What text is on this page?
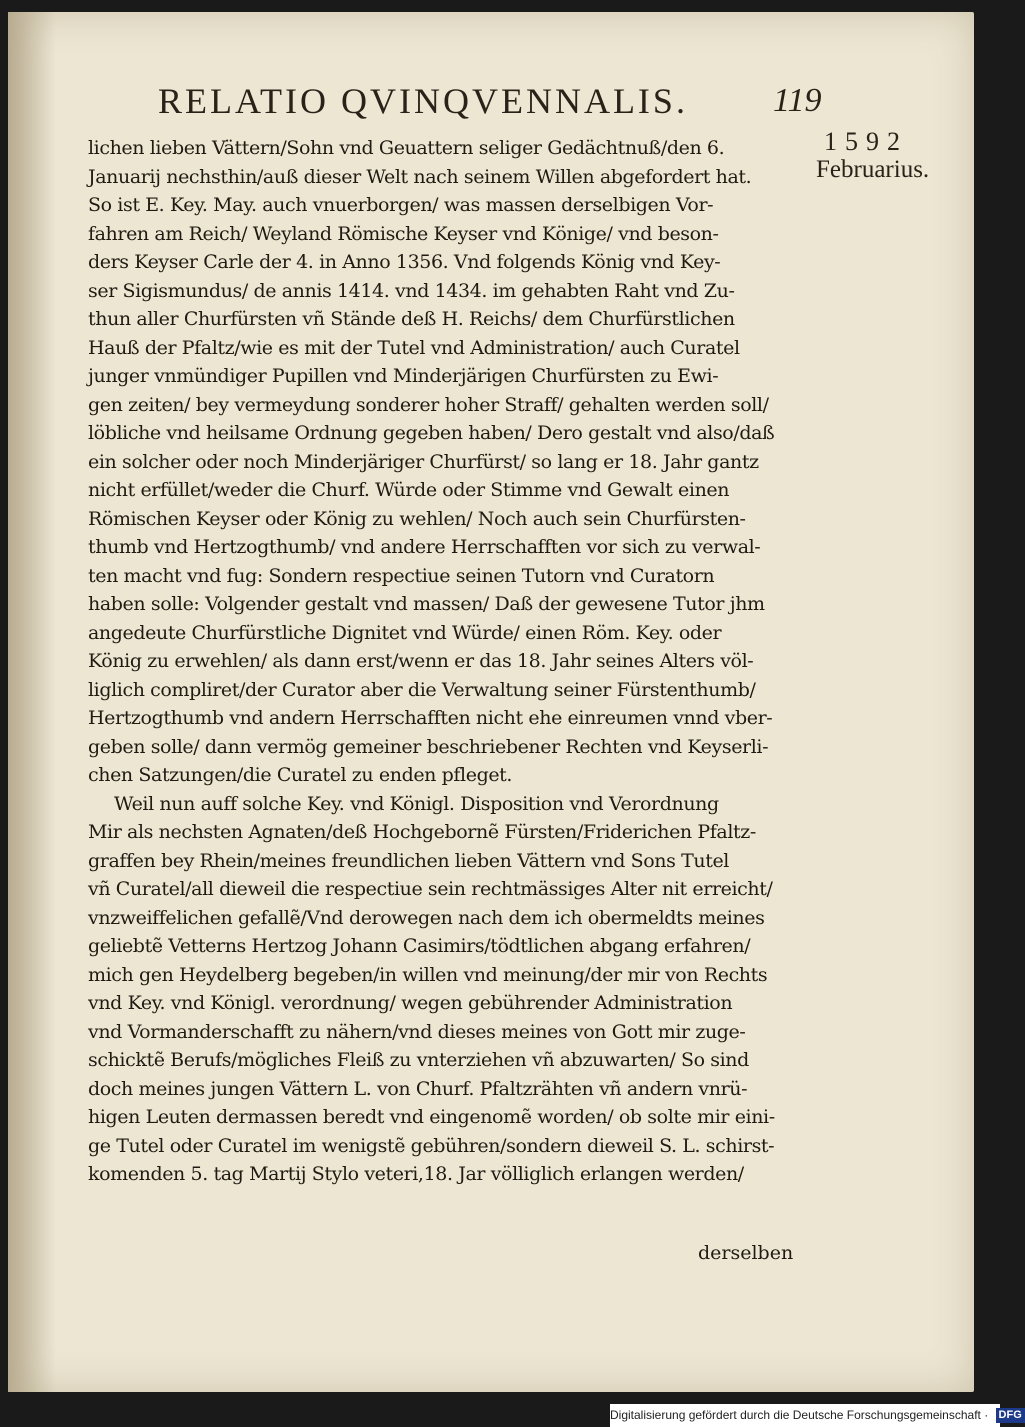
RELATIO QVINQVENNALIS.	119
1592
Februarius.
lichen lieben Vättern/Sohn vnd Geuattern seliger Gedächtnuß/den 6.
Januarij nechsthin/auß dieser Welt nach seinem Willen abgefordert hat.
So ist E. Key. May. auch vnuerborgen/ was massen derselbigen Vor-
fahren am Reich/ Weyland Römische Keyser vnd Könige/ vnd beson-
ders Keyser Carle der 4. in Anno 1356. Vnd folgends König vnd Key-
ser Sigismundus/ de annis 1414. vnd 1434. im gehabten Raht vnd Zu-
thun aller Churfürsten vñ Stände deß H. Reichs/ dem Churfürstlichen
Hauß der Pfaltz/wie es mit der Tutel vnd Administration/ auch Curatel
junger vnmündiger Pupillen vnd Minderjärigen Churfürsten zu Ewi-
gen zeiten/ bey vermeydung sonderer hoher Straff/ gehalten werden soll/
löbliche vnd heilsame Ordnung gegeben haben/ Dero gestalt vnd also/daß
ein solcher oder noch Minderjäriger Churfürst/ so lang er 18. Jahr gantz
nicht erfüllet/weder die Churf. Würde oder Stimme vnd Gewalt einen
Römischen Keyser oder König zu wehlen/ Noch auch sein Churfürsten-
thumb vnd Hertzogthumb/ vnd andere Herrschafften vor sich zu verwal-
ten macht vnd fug: Sondern respectiue seinen Tutorn vnd Curatorn
haben solle: Volgender gestalt vnd massen/ Daß der gewesene Tutor jhm
angedeute Churfürstliche Dignitet vnd Würde/ einen Röm. Key. oder
König zu erwehlen/ als dann erst/wenn er das 18. Jahr seines Alters völ-
liglich compliret/der Curator aber die Verwaltung seiner Fürstenthumb/
Hertzogthumb vnd andern Herrschafften nicht ehe einreumen vnnd vber-
geben solle/ dann vermög gemeiner beschriebener Rechten vnd Keyserli-
chen Satzungen/die Curatel zu enden pfleget.
Weil nun auff solche Key. vnd Königl. Disposition vnd Verordnung
Mir als nechsten Agnaten/deß Hochgebornẽ Fürsten/Friderichen Pfaltz-
graffen bey Rhein/meines freundlichen lieben Vättern vnd Sons Tutel
vñ Curatel/all dieweil die respectiue sein rechtmässiges Alter nit erreicht/
vnzweiffelichen gefallẽ/Vnd derowegen nach dem ich obermeldts meines
geliebtẽ Vetterns Hertzog Johann Casimirs/tödtlichen abgang erfahren/
mich gen Heydelberg begeben/in willen vnd meinung/der mir von Rechts
vnd Key. vnd Königl. verordnung/ wegen gebührender Administration
vnd Vormanderschafft zu nähern/vnd dieses meines von Gott mir zuge-
schicktẽ Berufs/mögliches Fleiß zu vnterziehen vñ abzuwarten/ So sind
doch meines jungen Vättern L. von Churf. Pfaltzrähten vñ andern vnrü-
higen Leuten dermassen beredt vnd eingenomẽ worden/ ob solte mir eini-
ge Tutel oder Curatel im wenigstẽ gebühren/sondern dieweil S. L. schirst-
komenden 5. tag Martij Stylo veteri,18. Jar völliglich erlangen werden/
derselben
Digitalisierung gefördert durch die Deutsche Forschungsgemeinschaft · DFG
